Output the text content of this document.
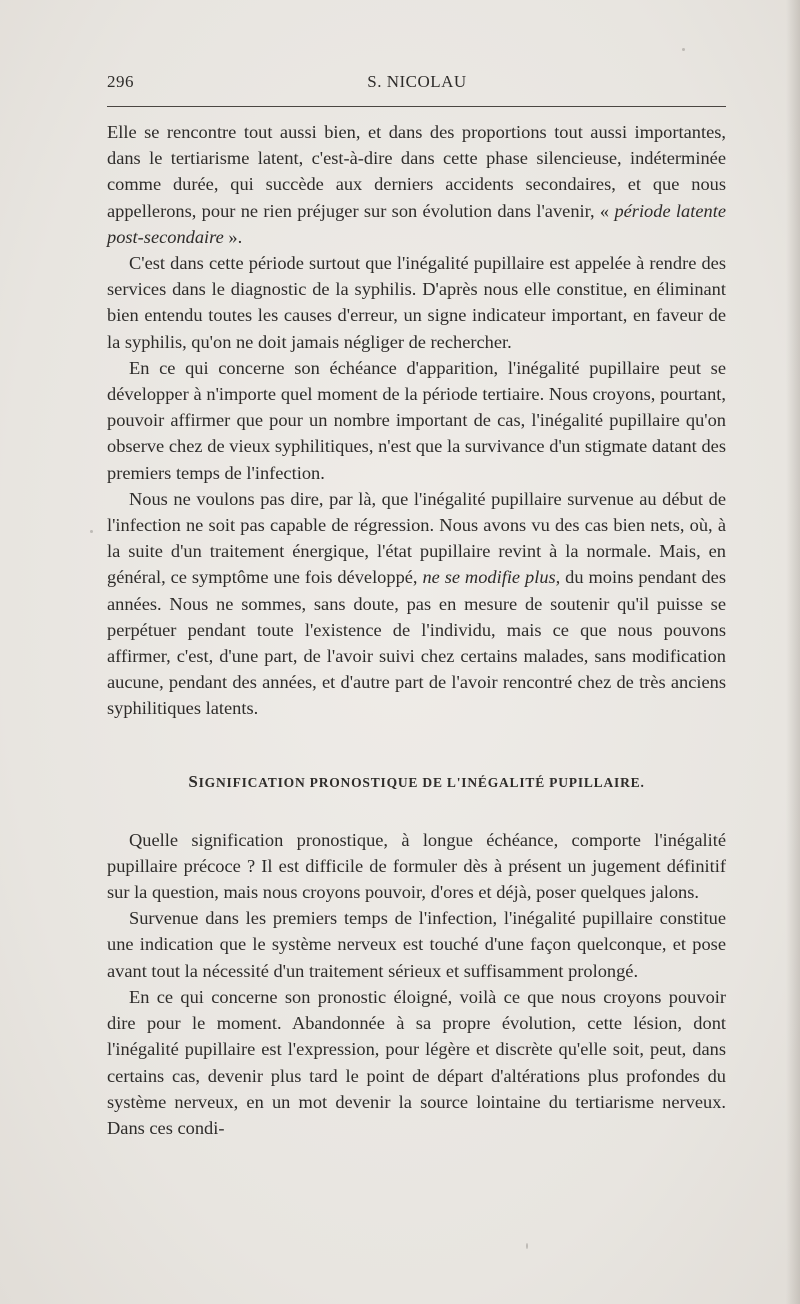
296	S. NICOLAU

Elle se rencontre tout aussi bien, et dans des proportions tout aussi importantes, dans le tertiarisme latent, c'est-à-dire dans cette phase silencieuse, indéterminée comme durée, qui succède aux derniers accidents secondaires, et que nous appellerons, pour ne rien préjuger sur son évolution dans l'avenir, « période latente post-secondaire ».

C'est dans cette période surtout que l'inégalité pupillaire est appelée à rendre des services dans le diagnostic de la syphilis. D'après nous elle constitue, en éliminant bien entendu toutes les causes d'erreur, un signe indicateur important, en faveur de la syphilis, qu'on ne doit jamais négliger de rechercher.

En ce qui concerne son échéance d'apparition, l'inégalité pupillaire peut se développer à n'importe quel moment de la période tertiaire. Nous croyons, pourtant, pouvoir affirmer que pour un nombre important de cas, l'inégalité pupillaire qu'on observe chez de vieux syphilitiques, n'est que la survivance d'un stigmate datant des premiers temps de l'infection.

Nous ne voulons pas dire, par là, que l'inégalité pupillaire survenue au début de l'infection ne soit pas capable de régression. Nous avons vu des cas bien nets, où, à la suite d'un traitement énergique, l'état pupillaire revint à la normale. Mais, en général, ce symptôme une fois développé, ne se modifie plus, du moins pendant des années. Nous ne sommes, sans doute, pas en mesure de soutenir qu'il puisse se perpétuer pendant toute l'existence de l'individu, mais ce que nous pouvons affirmer, c'est, d'une part, de l'avoir suivi chez certains malades, sans modification aucune, pendant des années, et d'autre part de l'avoir rencontré chez de très anciens syphilitiques latents.

SIGNIFICATION PRONOSTIQUE DE L'INÉGALITÉ PUPILLAIRE.

Quelle signification pronostique, à longue échéance, comporte l'inégalité pupillaire précoce ? Il est difficile de formuler dès à présent un jugement définitif sur la question, mais nous croyons pouvoir, d'ores et déjà, poser quelques jalons.

Survenue dans les premiers temps de l'infection, l'inégalité pupillaire constitue une indication que le système nerveux est touché d'une façon quelconque, et pose avant tout la nécessité d'un traitement sérieux et suffisamment prolongé.

En ce qui concerne son pronostic éloigné, voilà ce que nous croyons pouvoir dire pour le moment. Abandonnée à sa propre évolution, cette lésion, dont l'inégalité pupillaire est l'expression, pour légère et discrète qu'elle soit, peut, dans certains cas, devenir plus tard le point de départ d'altérations plus profondes du système nerveux, en un mot devenir la source lointaine du tertiarisme nerveux. Dans ces condi-
